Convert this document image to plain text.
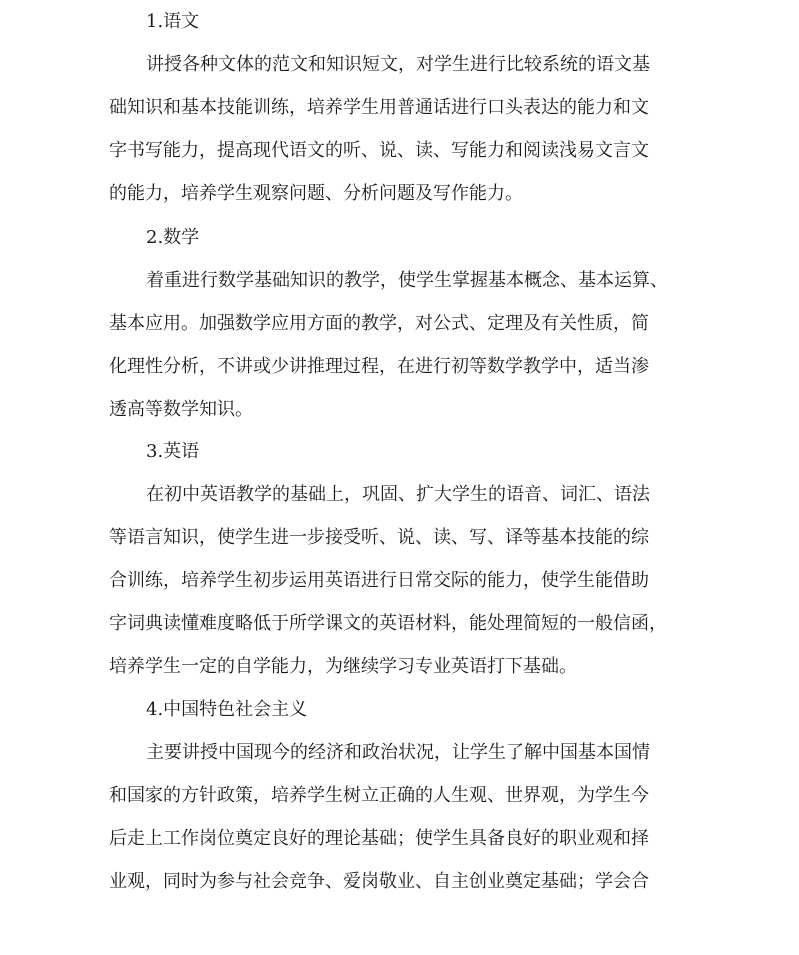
1.语文
讲授各种文体的范文和知识短文，对学生进行比较系统的语文基
础知识和基本技能训练，培养学生用普通话进行口头表达的能力和文
字书写能力，提高现代语文的听、说、读、写能力和阅读浅易文言文
的能力，培养学生观察问题、分析问题及写作能力。
2.数学
着重进行数学基础知识的教学，使学生掌握基本概念、基本运算、
基本应用。加强数学应用方面的教学，对公式、定理及有关性质，简
化理性分析，不讲或少讲推理过程，在进行初等数学教学中，适当渗
透高等数学知识。
3.英语
在初中英语教学的基础上，巩固、扩大学生的语音、词汇、语法
等语言知识，使学生进一步接受听、说、读、写、译等基本技能的综
合训练，培养学生初步运用英语进行日常交际的能力，使学生能借助
字词典读懂难度略低于所学课文的英语材料，能处理简短的一般信函，
培养学生一定的自学能力，为继续学习专业英语打下基础。
4.中国特色社会主义
主要讲授中国现今的经济和政治状况，让学生了解中国基本国情
和国家的方针政策，培养学生树立正确的人生观、世界观，为学生今
后走上工作岗位奠定良好的理论基础；使学生具备良好的职业观和择
业观，同时为参与社会竞争、爱岗敬业、自主创业奠定基础；学会合
